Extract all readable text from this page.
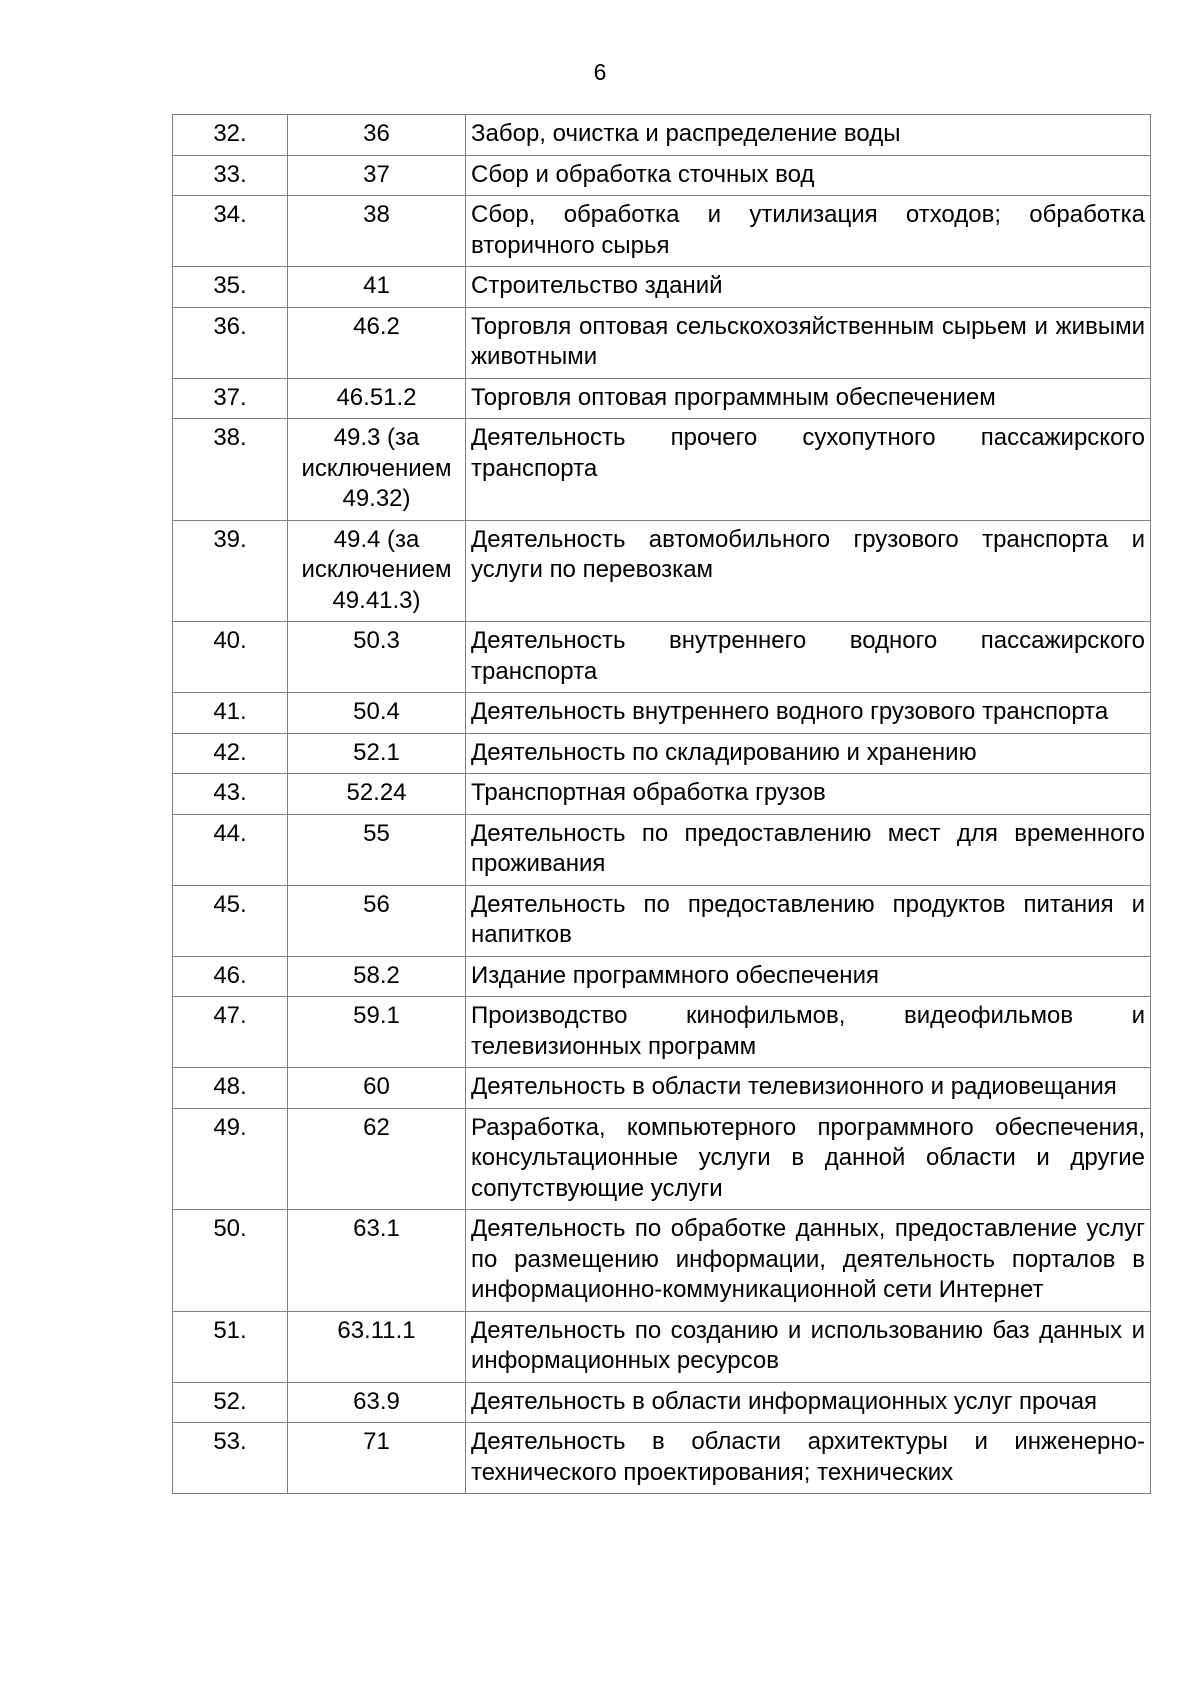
6
32.	36	Забор, очистка и распределение воды
33.	37	Сбор и обработка сточных вод
34.	38	Сбор, обработка и утилизация отходов; обработка вторичного сырья
35.	41	Строительство зданий
36.	46.2	Торговля оптовая сельскохозяйственным сырьем и живыми животными
37.	46.51.2	Торговля оптовая программным обеспечением
38.	49.3 (за исключением 49.32)	Деятельность прочего сухопутного пассажирского транспорта
39.	49.4 (за исключением 49.41.3)	Деятельность автомобильного грузового транспорта и услуги по перевозкам
40.	50.3	Деятельность внутреннего водного пассажирского транспорта
41.	50.4	Деятельность внутреннего водного грузового транспорта
42.	52.1	Деятельность по складированию и хранению
43.	52.24	Транспортная обработка грузов
44.	55	Деятельность по предоставлению мест для временного проживания
45.	56	Деятельность по предоставлению продуктов питания и напитков
46.	58.2	Издание программного обеспечения
47.	59.1	Производство кинофильмов, видеофильмов и телевизионных программ
48.	60	Деятельность в области телевизионного и радиовещания
49.	62	Разработка, компьютерного программного обеспечения, консультационные услуги в данной области и другие сопутствующие услуги
50.	63.1	Деятельность по обработке данных, предоставление услуг по размещению информации, деятельность порталов в информационно-коммуникационной сети Интернет
51.	63.11.1	Деятельность по созданию и использованию баз данных и информационных ресурсов
52.	63.9	Деятельность в области информационных услуг прочая
53.	71	Деятельность в области архитектуры и инженерно-технического проектирования; технических
